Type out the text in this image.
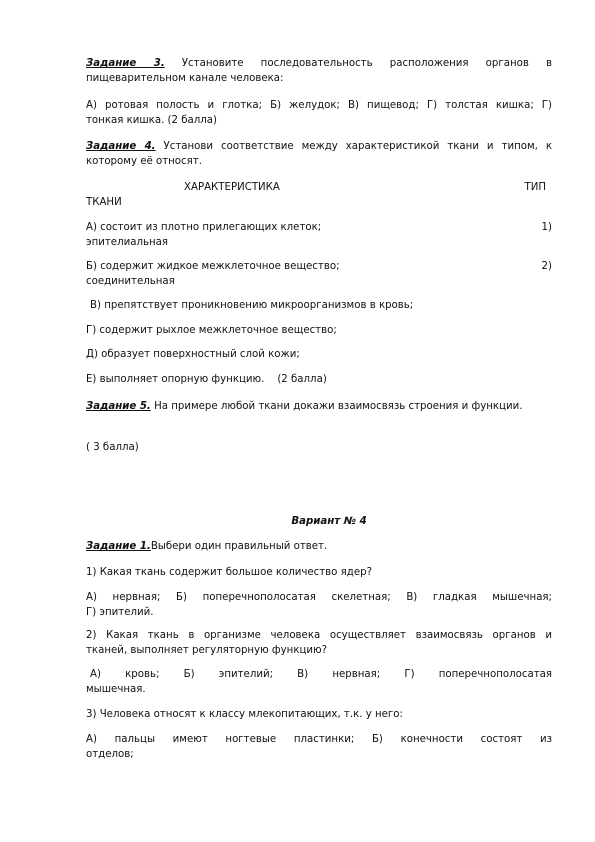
Задание 3. Установите последовательность расположения органов в
пищеварительном канале человека:
А) ротовая полость и глотка; Б) желудок; В) пищевод; Г) толстая кишка; Г)
тонкая кишка. (2 балла)
Задание 4. Установи соответствие между характеристикой ткани и типом, к
которому её относят.
ХАРАКТЕРИСТИКА	ТИП
ТКАНИ
А) состоит из плотно прилегающих клеток;	1)
эпителиальная
Б) содержит жидкое межклеточное вещество;	2)
соединительная
В) препятствует проникновению микроорганизмов в кровь;
Г) содержит рыхлое межклеточное вещество;
Д) образует поверхностный слой кожи;
Е) выполняет опорную функцию. (2 балла)
Задание 5. На примере любой ткани докажи взаимосвязь строения и функции.
( 3 балла)
Вариант № 4
Задание 1.Выбери один правильный ответ.
1) Какая ткань содержит большое количество ядер?
А) нервная; Б) поперечнополосатая скелетная; В) гладкая мышечная;
Г) эпителий.
2) Какая ткань в организме человека осуществляет взаимосвязь органов и
тканей, выполняет регуляторную функцию?
А) кровь; Б) эпителий; В) нервная; Г) поперечнополосатая
мышечная.
3) Человека относят к классу млекопитающих, т.к. у него:
А) пальцы имеют ногтевые пластинки; Б) конечности состоят из
отделов;
